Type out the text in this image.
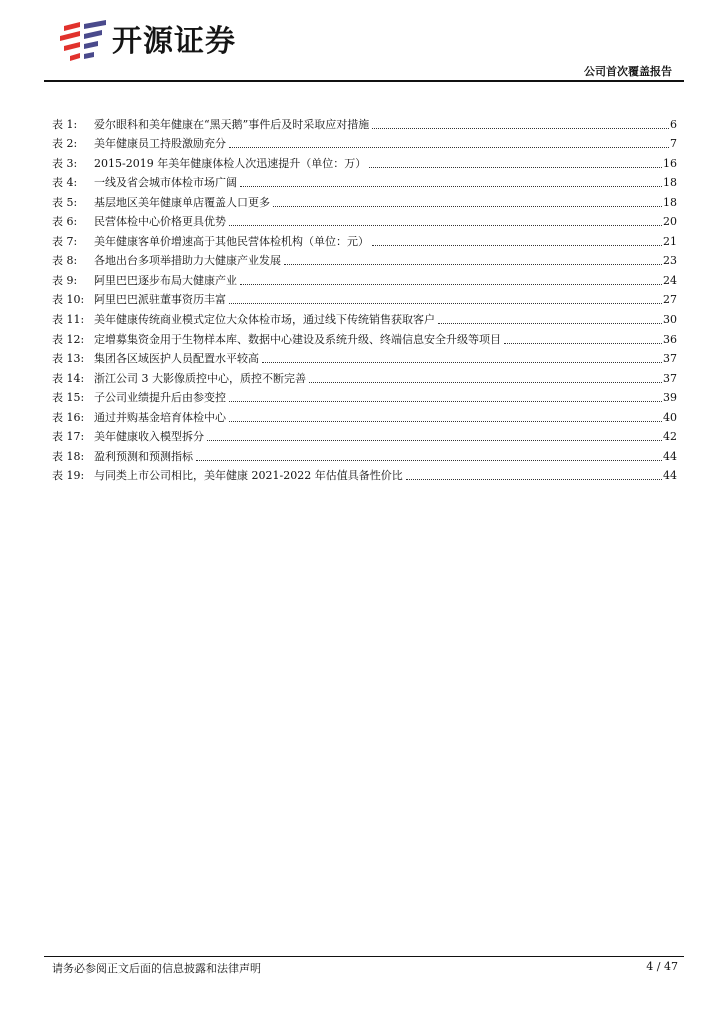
开源证券
公司首次覆盖报告
表 1:	爱尔眼科和美年健康在“黑天鹅”事件后及时采取应对措施	6
表 2:	美年健康员工持股激励充分	7
表 3:	2015-2019 年美年健康体检人次迅速提升（单位：万）	16
表 4:	一线及省会城市体检市场广阔	18
表 5:	基层地区美年健康单店覆盖人口更多	18
表 6:	民营体检中心价格更具优势	20
表 7:	美年健康客单价增速高于其他民营体检机构（单位：元）	21
表 8:	各地出台多项举措助力大健康产业发展	23
表 9:	阿里巴巴逐步布局大健康产业	24
表 10: 阿里巴巴派驻董事资历丰富	27
表 11: 美年健康传统商业模式定位大众体检市场，通过线下传统销售获取客户	30
表 12: 定增募集资金用于生物样本库、数据中心建设及系统升级、终端信息安全升级等项目	36
表 13: 集团各区域医护人员配置水平较高	37
表 14: 浙江公司 3 大影像质控中心，质控不断完善	37
表 15: 子公司业绩提升后由参变控	39
表 16: 通过并购基金培育体检中心	40
表 17: 美年健康收入模型拆分	42
表 18: 盈利预测和预测指标	44
表 19: 与同类上市公司相比，美年健康 2021-2022 年估值具备性价比	44
请务必参阅正文后面的信息披露和法律声明	4 / 47
